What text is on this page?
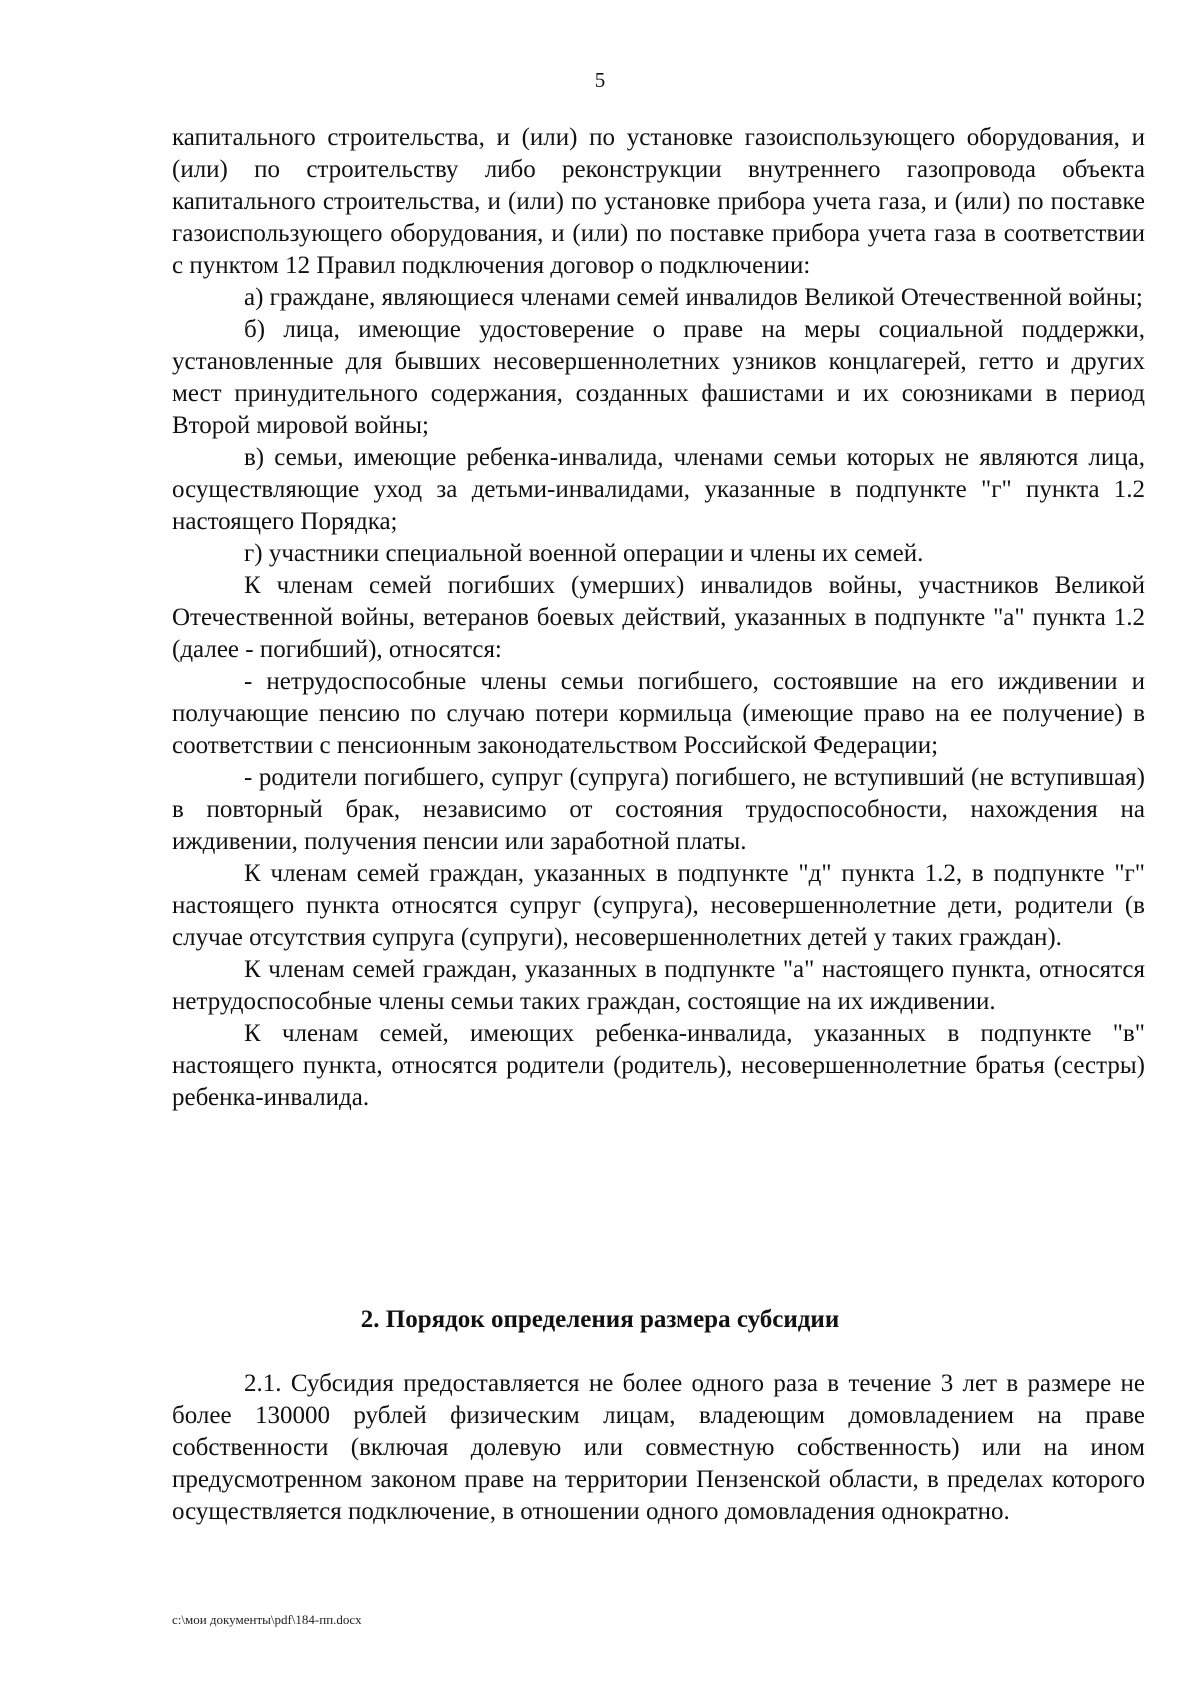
5

капитального строительства, и (или) по установке газоиспользующего оборудования, и (или) по строительству либо реконструкции внутреннего газопровода объекта капитального строительства, и (или) по установке прибора учета газа, и (или) по поставке газоиспользующего оборудования, и (или) по поставке прибора учета газа в соответствии с пунктом 12 Правил подключения договор о подключении:

а) граждане, являющиеся членами семей инвалидов Великой Отечественной войны;

б) лица, имеющие удостоверение о праве на меры социальной поддержки, установленные для бывших несовершеннолетних узников концлагерей, гетто и других мест принудительного содержания, созданных фашистами и их союзниками в период Второй мировой войны;

в) семьи, имеющие ребенка-инвалида, членами семьи которых не являются лица, осуществляющие уход за детьми-инвалидами, указанные в подпункте "г" пункта 1.2 настоящего Порядка;

г) участники специальной военной операции и члены их семей.

К членам семей погибших (умерших) инвалидов войны, участников Великой Отечественной войны, ветеранов боевых действий, указанных в подпункте "а" пункта 1.2 (далее - погибший), относятся:

- нетрудоспособные члены семьи погибшего, состоявшие на его иждивении и получающие пенсию по случаю потери кормильца (имеющие право на ее получение) в соответствии с пенсионным законодательством Российской Федерации;

- родители погибшего, супруг (супруга) погибшего, не вступивший (не вступившая) в повторный брак, независимо от состояния трудоспособности, нахождения на иждивении, получения пенсии или заработной платы.

К членам семей граждан, указанных в подпункте "д" пункта 1.2, в подпункте "г" настоящего пункта относятся супруг (супруга), несовершеннолетние дети, родители (в случае отсутствия супруга (супруги), несовершеннолетних детей у таких граждан).

К членам семей граждан, указанных в подпункте "а" настоящего пункта, относятся нетрудоспособные члены семьи таких граждан, состоящие на их иждивении.

К членам семей, имеющих ребенка-инвалида, указанных в подпункте "в" настоящего пункта, относятся родители (родитель), несовершеннолетние братья (сестры) ребенка-инвалида.

2. Порядок определения размера субсидии

2.1. Субсидия предоставляется не более одного раза в течение 3 лет в размере не более 130000 рублей физическим лицам, владеющим домовладением на праве собственности (включая долевую или совместную собственность) или на ином предусмотренном законом праве на территории Пензенской области, в пределах которого осуществляется подключение, в отношении одного домовладения однократно.

c:\мои документы\pdf\184-пп.docx
